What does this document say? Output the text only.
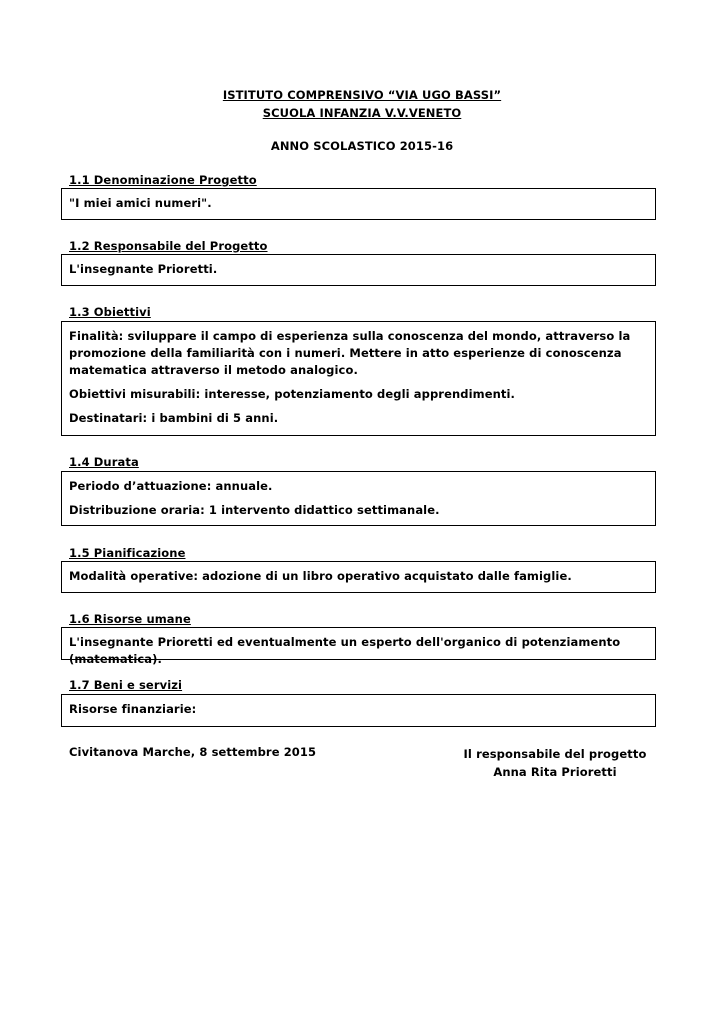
ISTITUTO COMPRENSIVO “VIA UGO BASSI”
SCUOLA INFANZIA V.V.VENETO
ANNO SCOLASTICO 2015-16
1.1 Denominazione Progetto

"I miei amici numeri".

1.2 Responsabile del Progetto

L'insegnante Prioretti.

1.3 Obiettivi

Finalità: sviluppare il campo di esperienza sulla conoscenza del mondo, attraverso la promozione della familiarità con i numeri. Mettere in atto esperienze di conoscenza matematica attraverso il metodo analogico.

Obiettivi misurabili: interesse, potenziamento degli apprendimenti.

Destinatari: i bambini di 5 anni.

1.4 Durata

Periodo d’attuazione: annuale.

Distribuzione oraria: 1 intervento didattico settimanale.

1.5 Pianificazione

Modalità operative: adozione di un libro operativo acquistato dalle famiglie.

1.6 Risorse umane

L'insegnante Prioretti ed eventualmente un esperto dell'organico di potenziamento (matematica).

1.7 Beni e servizi

Risorse finanziarie:

Civitanova Marche, 8 settembre 2015	Il responsabile del progetto
Anna Rita Prioretti
